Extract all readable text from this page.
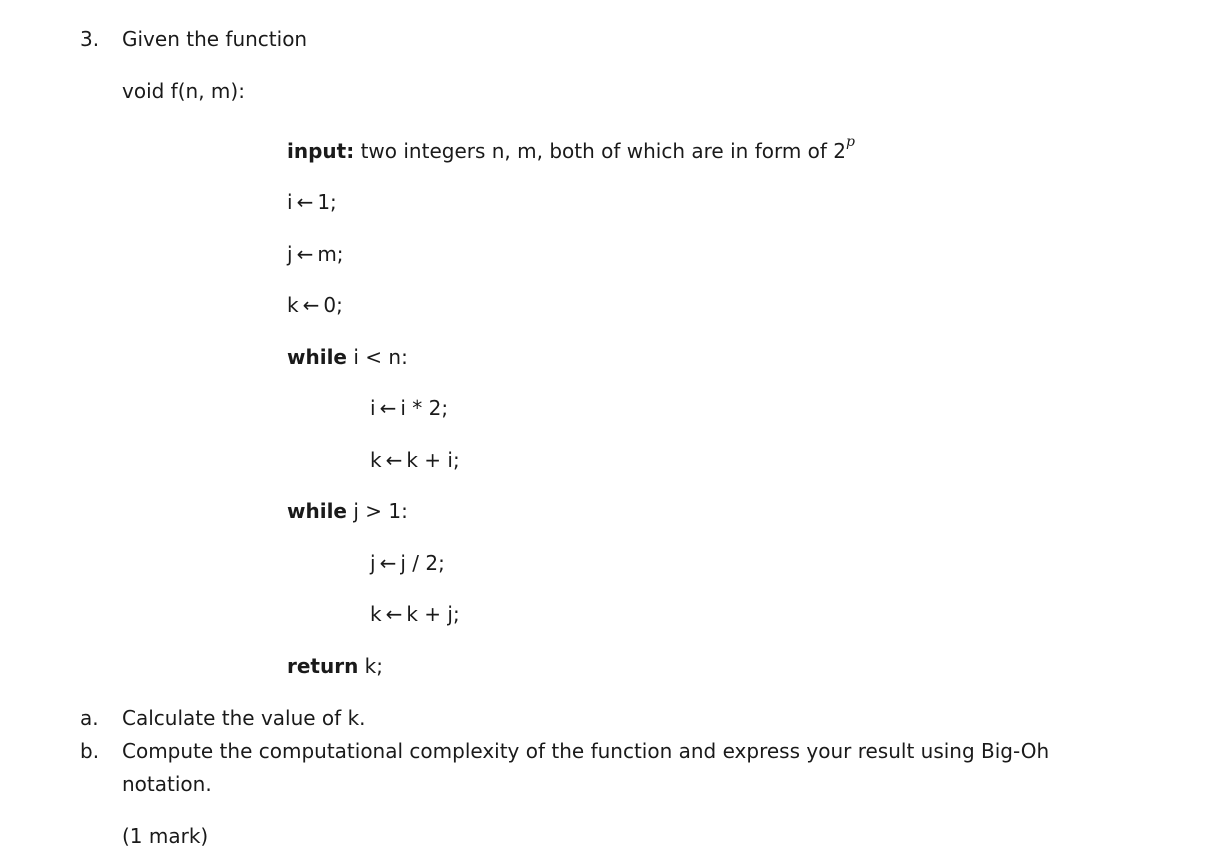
3. Given the function
void f(n, m):
input: two integers n, m, both of which are in form of 2$^p$
i ← 1;
j ← m;
k ← 0;
while i < n:
i ← i * 2;
k ← k + i;
while j > 1:
j ← j / 2;
k ← k + j;
return k;
a. Calculate the value of k.
b. Compute the computational complexity of the function and express your result using Big-Oh
notation.
(1 mark)
